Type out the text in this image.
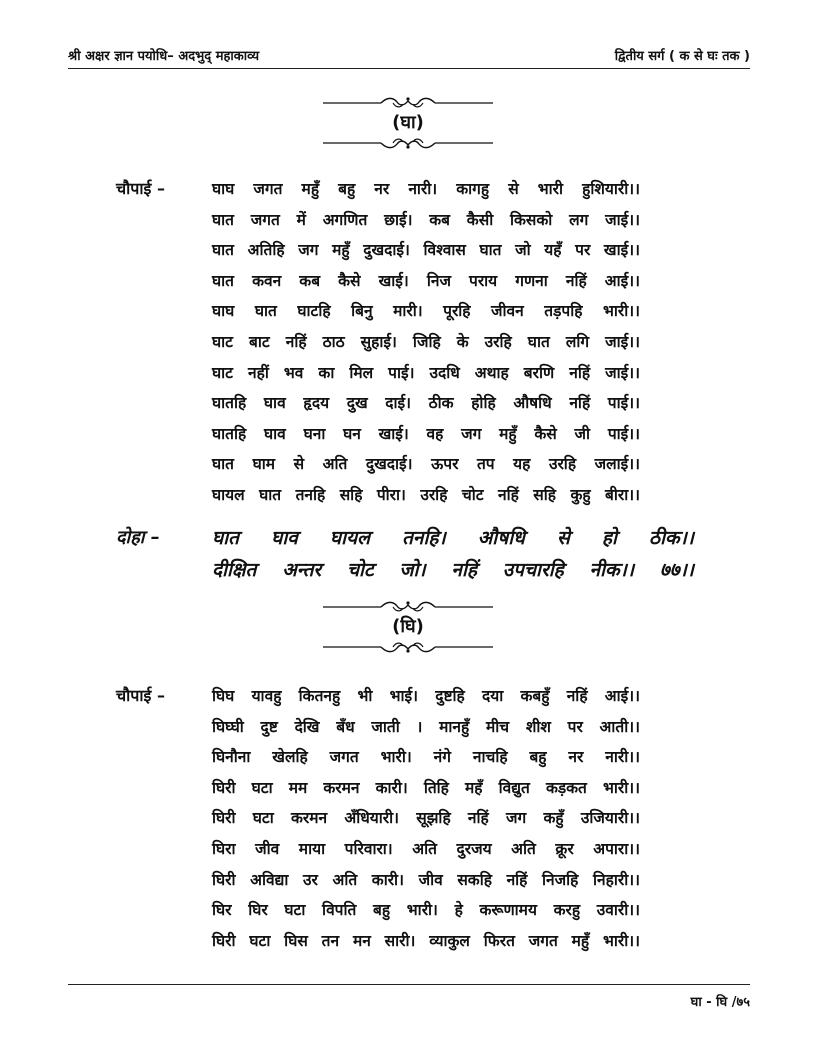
श्री अक्षर ज्ञान पयोधि– अदभुद् महाकाव्य	द्वितीय सर्ग ( क से घः तक )
(घा)
चौपाई –	घाघ जगत महुँ बहु नर नारी। कागहु से भारी हुशियारी।।
घात जगत में अगणित छाई। कब कैसी किसको लग जाई।।
घात अतिहि जग महुँ दुखदाई। विश्वास घात जो यहँ पर खाई।।
घात कवन कब कैसे खाई। निज पराय गणना नहिं आई।।
घाघ घात घाटहि बिनु मारी। पूरहि जीवन तड़पहि भारी।।
घाट बाट नहिं ठाठ सुहाई। जिहि के उरहि घात लगि जाई।।
घाट नहीं भव का मिल पाई। उदधि अथाह बरणि नहिं जाई।।
घातहि घाव हृदय दुख दाई। ठीक होहि औषधि नहिं पाई।।
घातहि घाव घना घन खाई। वह जग महुँ कैसे जी पाई।।
घात घाम से अति दुखदाई। ऊपर तप यह उरहि जलाई।।
घायल घात तनहि सहि पीरा। उरहि चोट नहिं सहि कुहु बीरा।।
दोहा –	घात घाव घायल तनहि। औषधि से हो ठीक।।
दीक्षित अन्तर चोट जो। नहिं उपचारहि नीक।। ७७।।
(घि)
चौपाई –	घिघ यावहु कितनहु भी भाई। दुष्टहि दया कबहुँ नहिं आई।।
घिघ्घी दुष्ट देखि बँध जाती । मानहुँ मीच शीश पर आती।।
घिनौना खेलहि जगत भारी। नंगे नाचहि बहु नर नारी।।
घिरी घटा मम करमन कारी। तिहि महँ विद्युत कड़कत भारी।।
घिरी घटा करमन अँधियारी। सूझहि नहिं जग कहुँ उजियारी।।
घिरा जीव माया परिवारा। अति दुरजय अति क्रूर अपारा।।
घिरी अविद्या उर अति कारी। जीव सकहि नहिं निजहि निहारी।।
घिर घिर घटा विपति बहु भारी। हे करूणामय करहु उवारी।।
घिरी घटा घिस तन मन सारी। व्याकुल फिरत जगत महुँ भारी।।
घा - घि /७५
